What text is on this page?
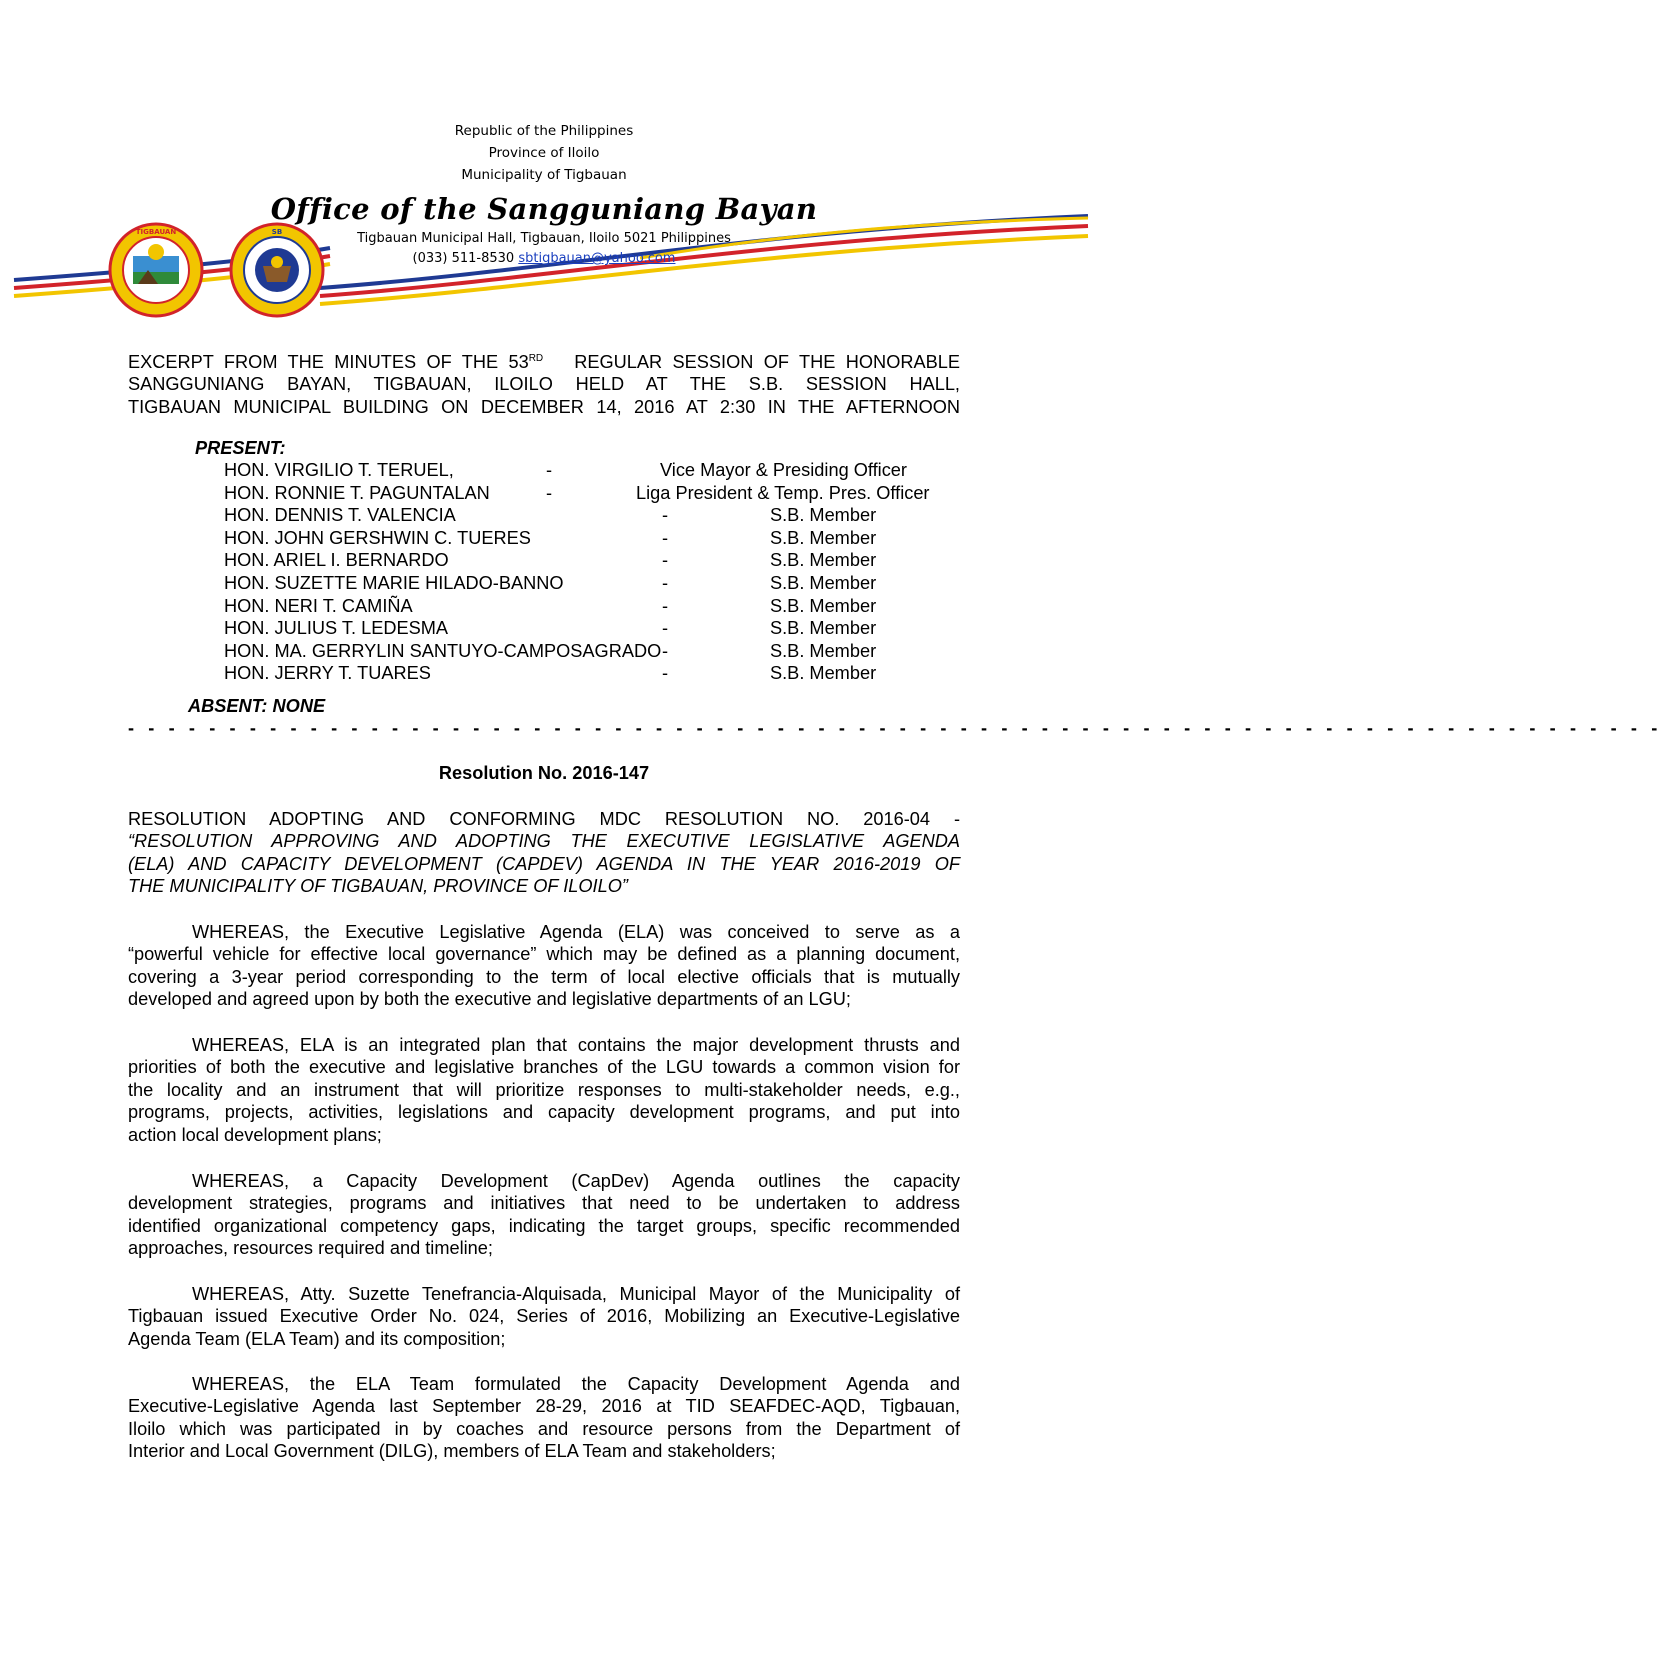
TIGBAUAN	SB
Republic of the Philippines
Province of Iloilo
Municipality of Tigbauan
Office of the Sangguniang Bayan
Tigbauan Municipal Hall, Tigbauan, Iloilo 5021 Philippines
(033) 511-8530 sbtigbauan@yahoo.com
EXCERPT FROM THE MINUTES OF THE 53RD REGULAR SESSION OF THE HONORABLE
SANGGUNIANG BAYAN, TIGBAUAN, ILOILO HELD AT THE S.B. SESSION HALL,
TIGBAUAN MUNICIPAL BUILDING ON DECEMBER 14, 2016 AT 2:30 IN THE AFTERNOON
PRESENT:
HON. VIRGILIO T. TERUEL,	-	Vice Mayor & Presiding Officer
HON. RONNIE T. PAGUNTALAN	-	Liga President & Temp. Pres. Officer
HON. DENNIS T. VALENCIA	-	S.B. Member
HON. JOHN GERSHWIN C. TUERES	-	S.B. Member
HON. ARIEL I. BERNARDO	-	S.B. Member
HON. SUZETTE MARIE HILADO-BANNO	-	S.B. Member
HON. NERI T. CAMIÑA	-	S.B. Member
HON. JULIUS T. LEDESMA	-	S.B. Member
HON. MA. GERRYLIN SANTUYO-CAMPOSAGRADO -	S.B. Member
HON. JERRY T. TUARES	-	S.B. Member
ABSENT: NONE
- - - - - - - - - - - - - - - - - - - - - - - - - - - - - - - - - - - - - - - - - - - - - - - - - - - - - - - - - - - - - - - - - - - - - - - - - - - -
Resolution No. 2016-147
RESOLUTION ADOPTING AND CONFORMING MDC RESOLUTION NO. 2016-04 -
“RESOLUTION APPROVING AND ADOPTING THE EXECUTIVE LEGISLATIVE AGENDA
(ELA) AND CAPACITY DEVELOPMENT (CAPDEV) AGENDA IN THE YEAR 2016-2019 OF
THE MUNICIPALITY OF TIGBAUAN, PROVINCE OF ILOILO”
WHEREAS, the Executive Legislative Agenda (ELA) was conceived to serve as a
“powerful vehicle for effective local governance” which may be defined as a planning document,
covering a 3-year period corresponding to the term of local elective officials that is mutually
developed and agreed upon by both the executive and legislative departments of an LGU;
WHEREAS, ELA is an integrated plan that contains the major development thrusts and
priorities of both the executive and legislative branches of the LGU towards a common vision for
the locality and an instrument that will prioritize responses to multi-stakeholder needs, e.g.,
programs, projects, activities, legislations and capacity development programs, and put into
action local development plans;
WHEREAS, a Capacity Development (CapDev) Agenda outlines the capacity
development strategies, programs and initiatives that need to be undertaken to address
identified organizational competency gaps, indicating the target groups, specific recommended
approaches, resources required and timeline;
WHEREAS, Atty. Suzette Tenefrancia-Alquisada, Municipal Mayor of the Municipality of
Tigbauan issued Executive Order No. 024, Series of 2016, Mobilizing an Executive-Legislative
Agenda Team (ELA Team) and its composition;
WHEREAS, the ELA Team formulated the Capacity Development Agenda and
Executive-Legislative Agenda last September 28-29, 2016 at TID SEAFDEC-AQD, Tigbauan,
Iloilo which was participated in by coaches and resource persons from the Department of
Interior and Local Government (DILG), members of ELA Team and stakeholders;
